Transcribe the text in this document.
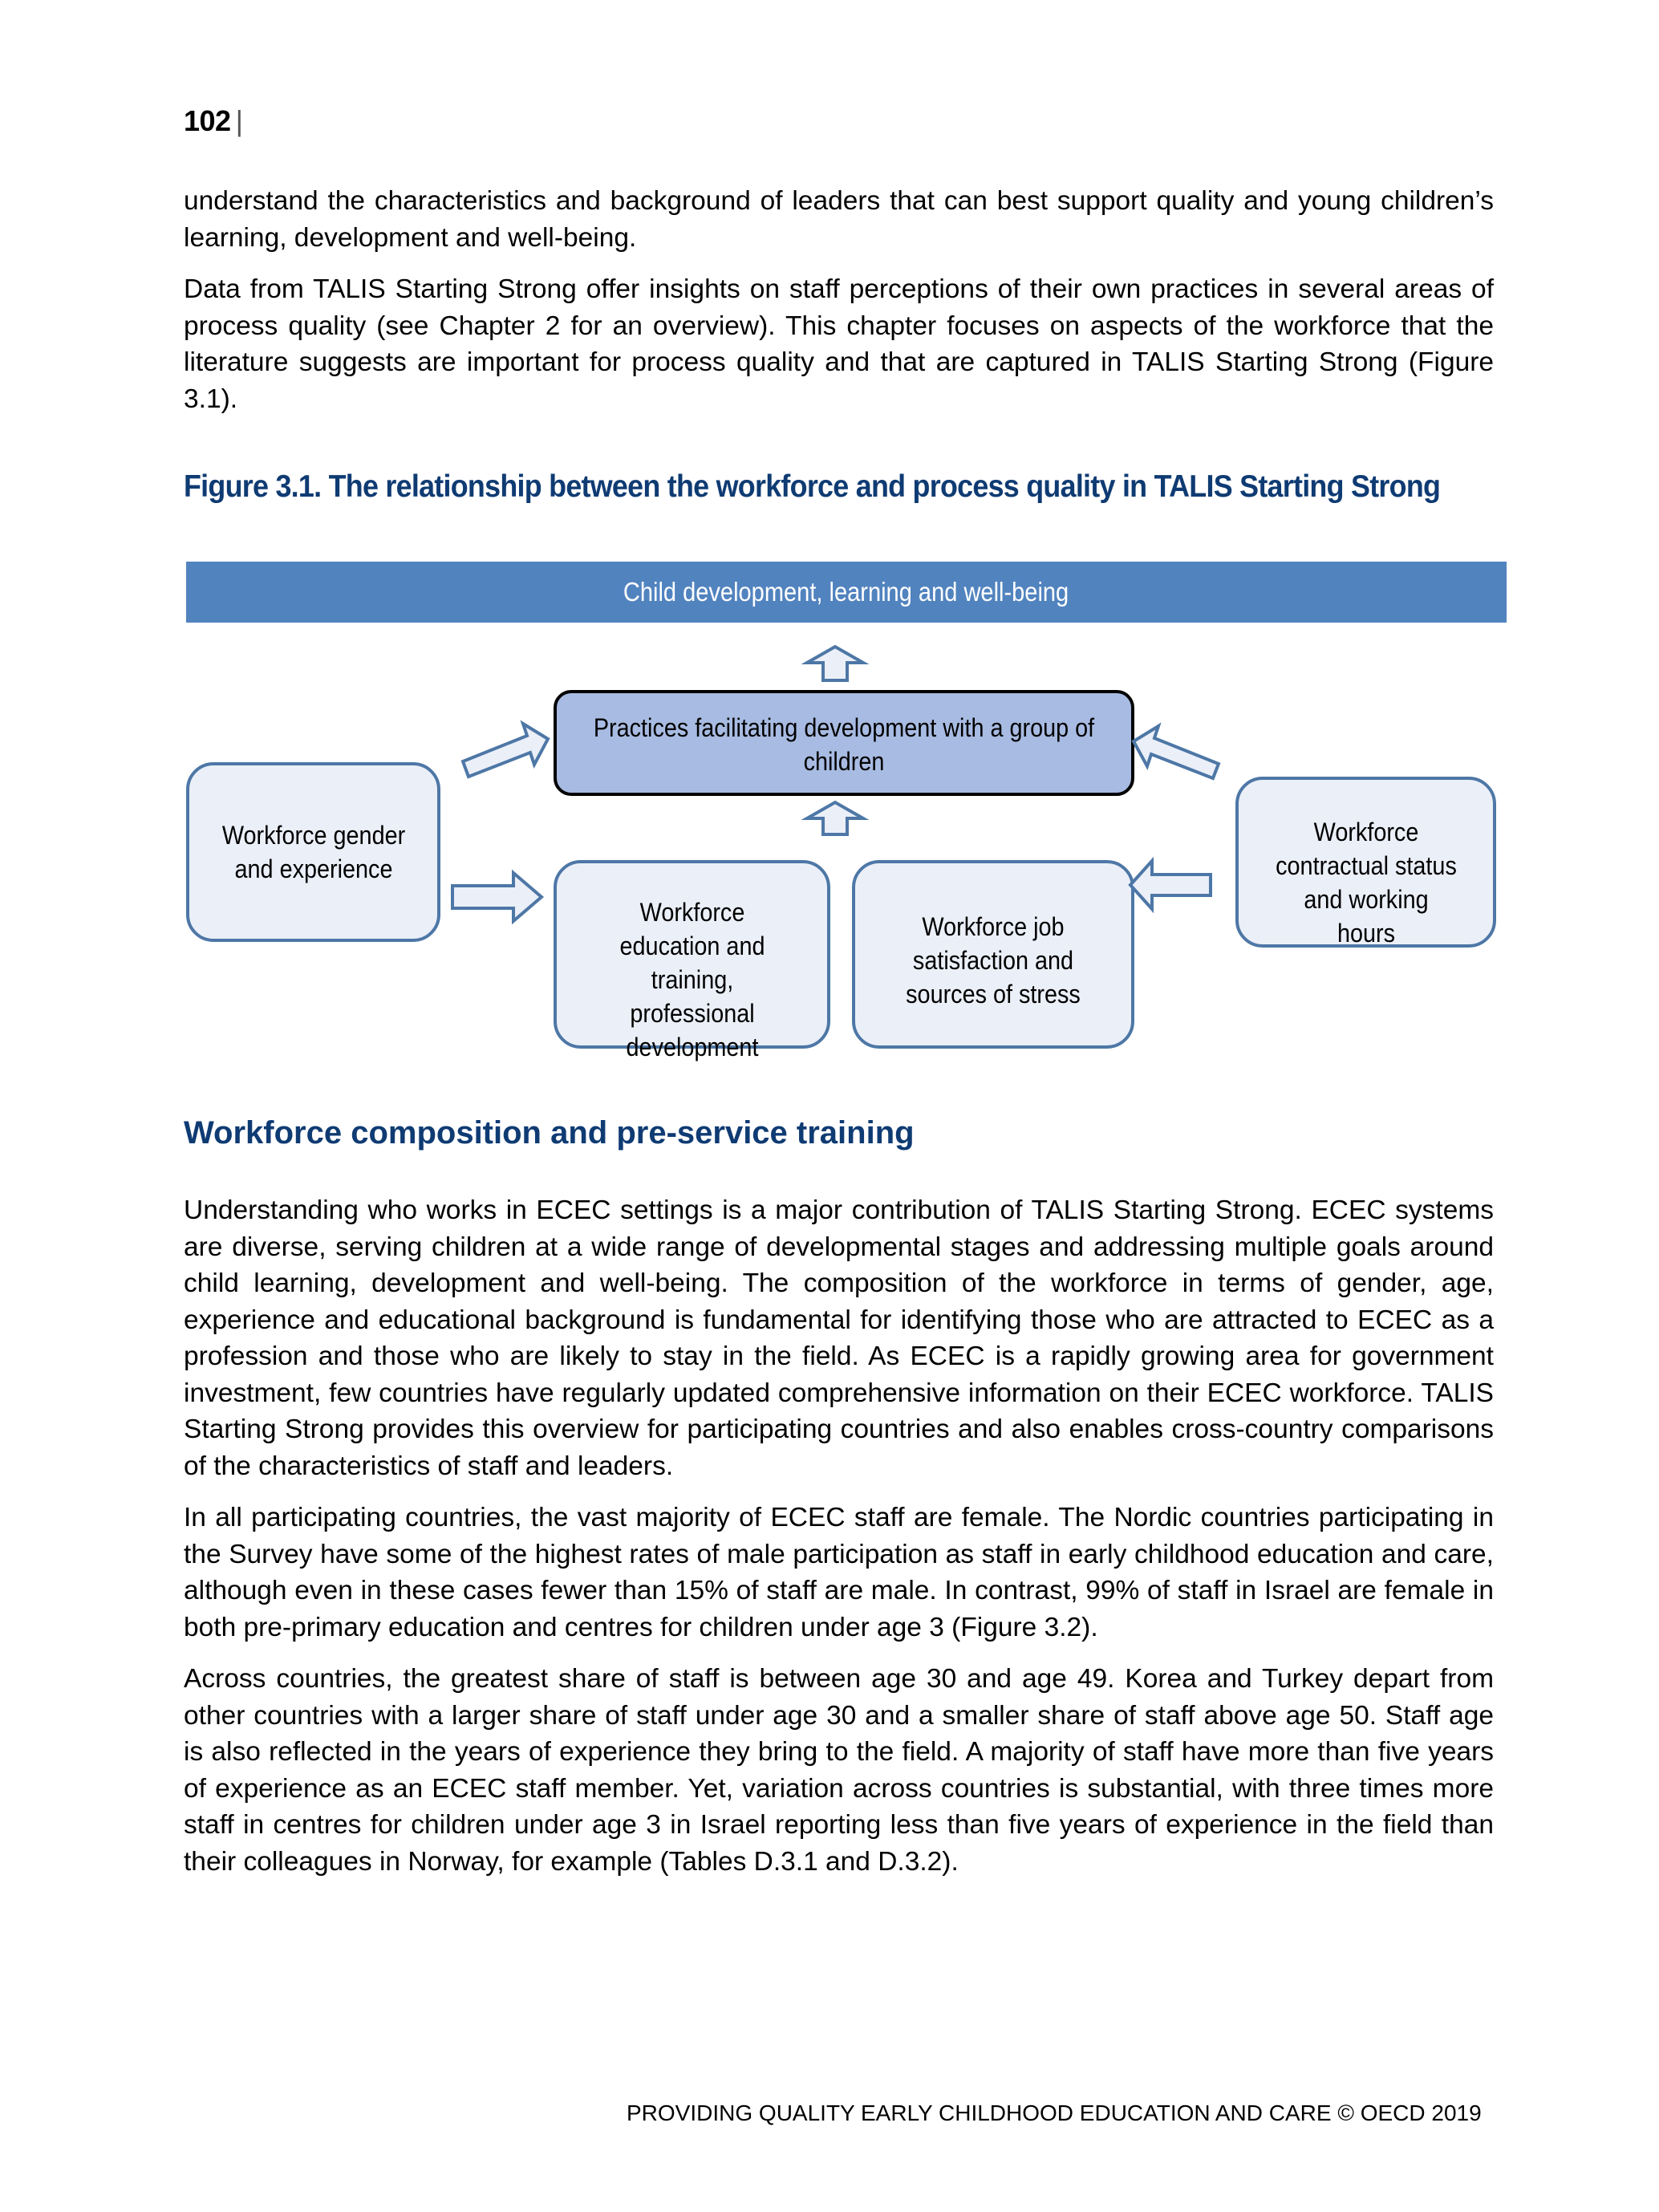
102 |

understand the characteristics and background of leaders that can best support quality and young children’s learning, development and well-being.

Data from TALIS Starting Strong offer insights on staff perceptions of their own practices in several areas of process quality (see Chapter 2 for an overview). This chapter focuses on aspects of the workforce that the literature suggests are important for process quality and that are captured in TALIS Starting Strong (Figure 3.1).

Figure 3.1. The relationship between the workforce and process quality in TALIS Starting Strong
Child development, learning and well-being
Practices facilitating development with a group of children
Workforce gender and experience
Workforce education and training, professional development
Workforce job satisfaction and sources of stress
Workforce contractual status and working hours
Workforce composition and pre-service training

Understanding who works in ECEC settings is a major contribution of TALIS Starting Strong. ECEC systems are diverse, serving children at a wide range of developmental stages and addressing multiple goals around child learning, development and well-being. The composition of the workforce in terms of gender, age, experience and educational background is fundamental for identifying those who are attracted to ECEC as a profession and those who are likely to stay in the field. As ECEC is a rapidly growing area for government investment, few countries have regularly updated comprehensive information on their ECEC workforce. TALIS Starting Strong provides this overview for participating countries and also enables cross-country comparisons of the characteristics of staff and leaders.

In all participating countries, the vast majority of ECEC staff are female. The Nordic countries participating in the Survey have some of the highest rates of male participation as staff in early childhood education and care, although even in these cases fewer than 15% of staff are male. In contrast, 99% of staff in Israel are female in both pre-primary education and centres for children under age 3 (Figure 3.2).

Across countries, the greatest share of staff is between age 30 and age 49. Korea and Turkey depart from other countries with a larger share of staff under age 30 and a smaller share of staff above age 50. Staff age is also reflected in the years of experience they bring to the field. A majority of staff have more than five years of experience as an ECEC staff member. Yet, variation across countries is substantial, with three times more staff in centres for children under age 3 in Israel reporting less than five years of experience in the field than their colleagues in Norway, for example (Tables D.3.1 and D.3.2).

PROVIDING QUALITY EARLY CHILDHOOD EDUCATION AND CARE © OECD 2019
